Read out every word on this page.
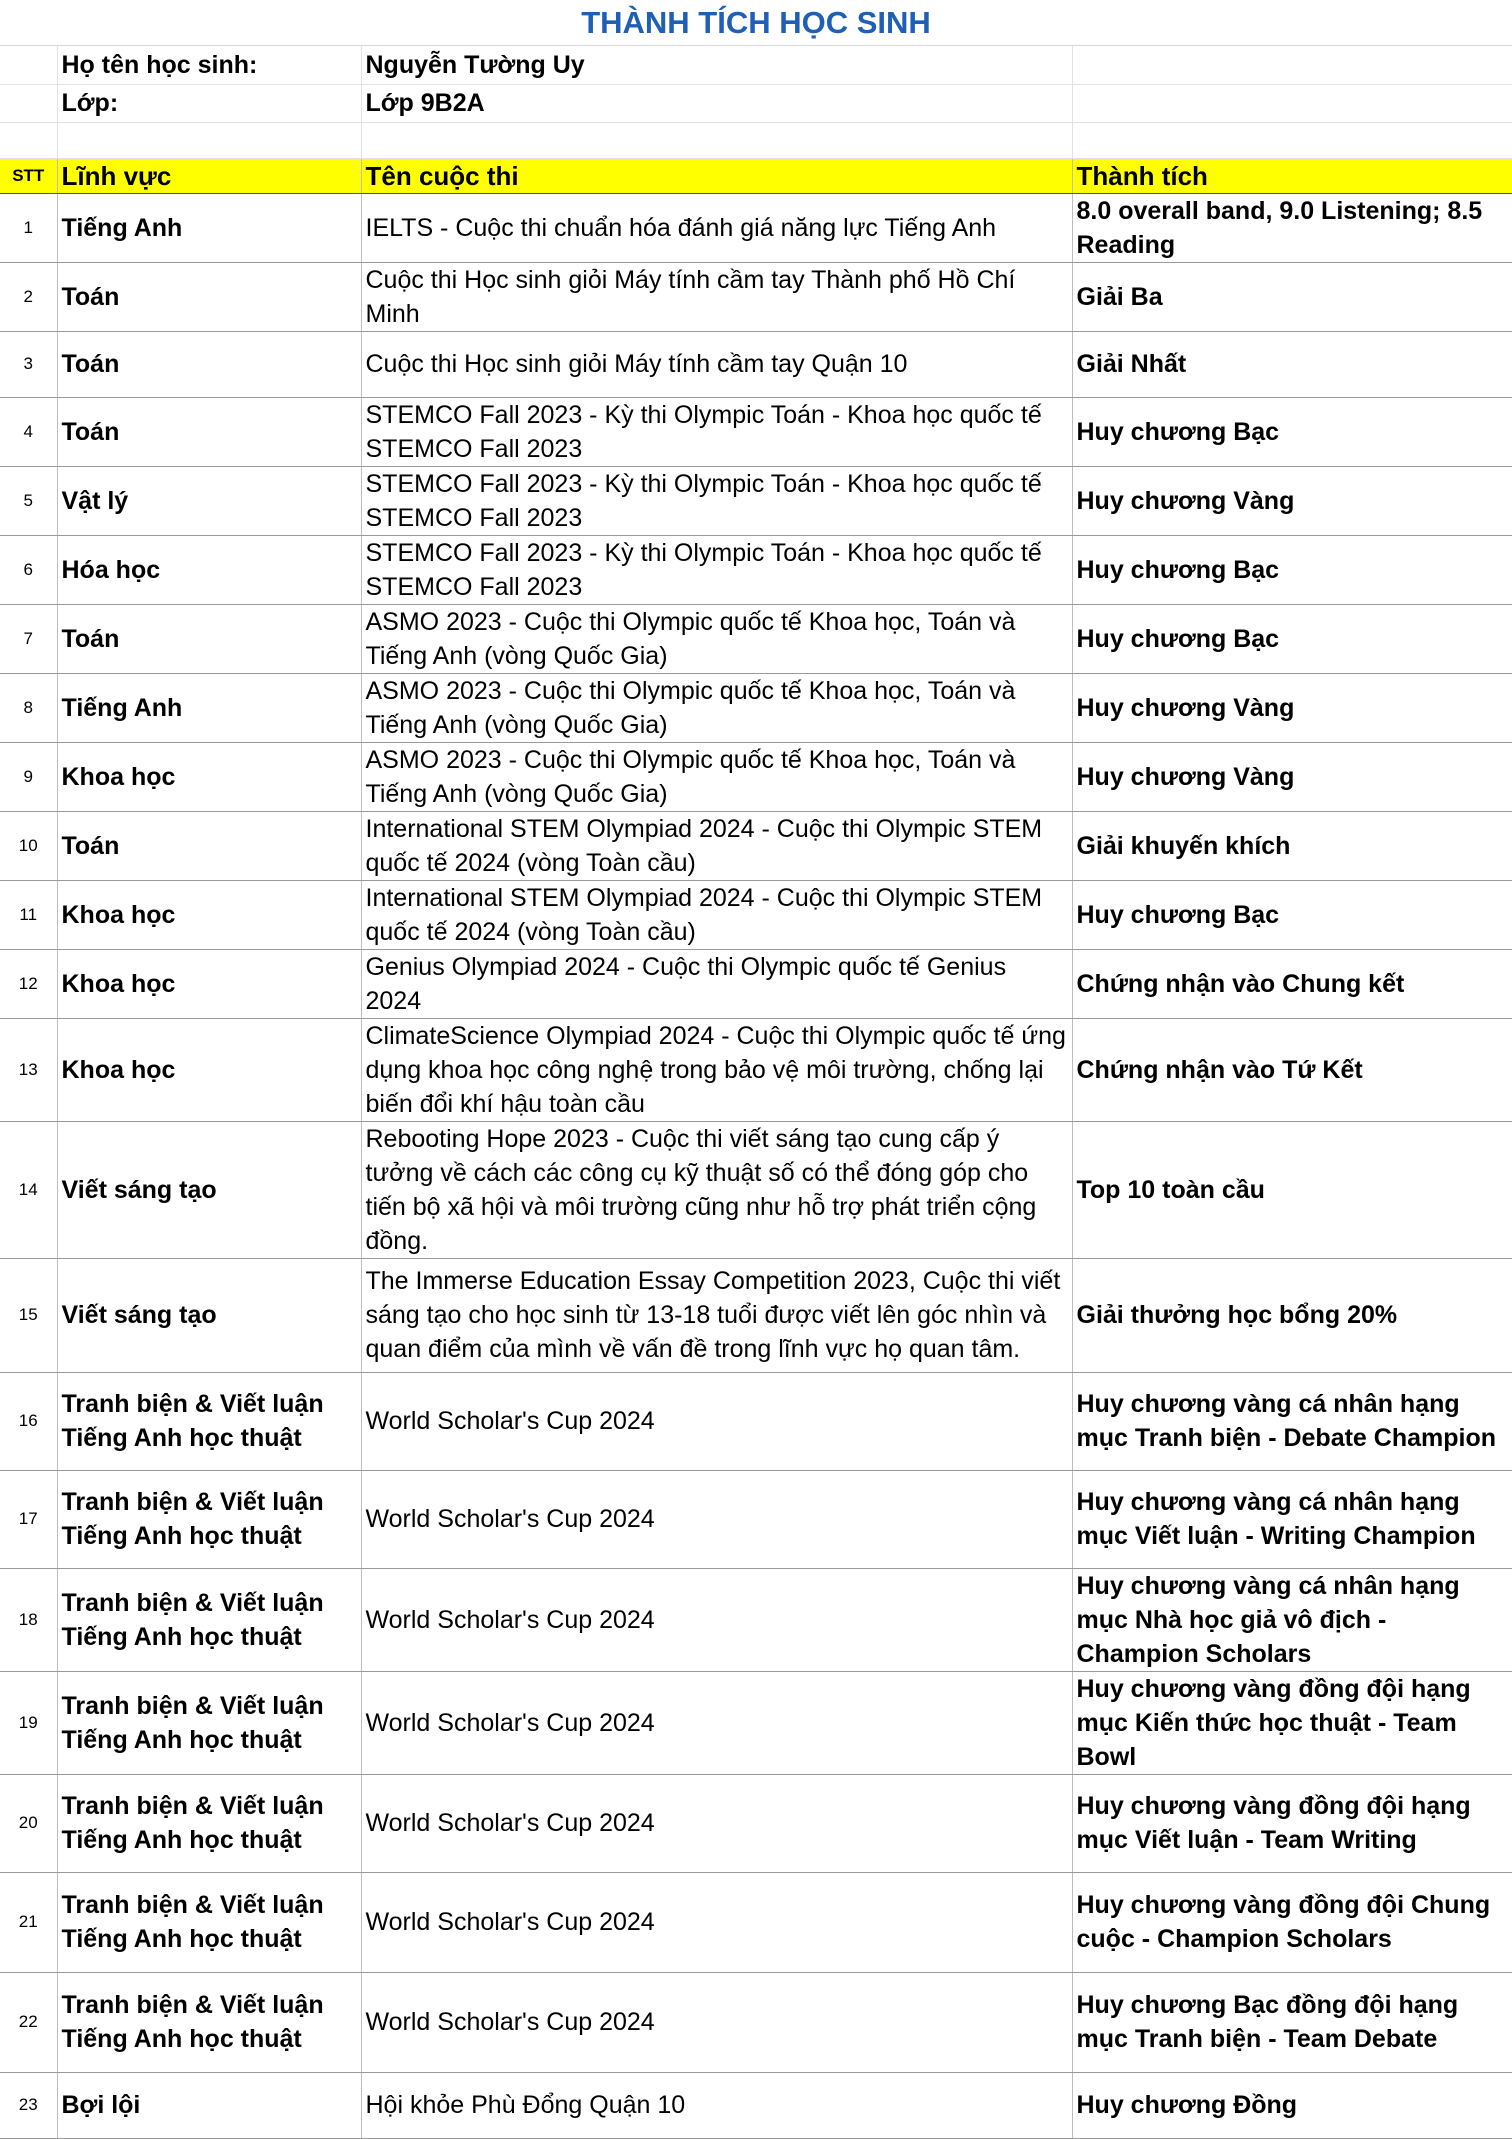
THÀNH TÍCH HỌC SINH
	Họ tên học sinh:	Nguyễn Tường Uy	
	Lớp:	Lớp 9B2A	

STT	Lĩnh vực	Tên cuộc thi	Thành tích
1	Tiếng Anh	IELTS - Cuộc thi chuẩn hóa đánh giá năng lực Tiếng Anh	8.0 overall band, 9.0 Listening; 8.5 Reading
2	Toán	Cuộc thi Học sinh giỏi Máy tính cầm tay Thành phố Hồ Chí Minh	Giải Ba
3	Toán	Cuộc thi Học sinh giỏi Máy tính cầm tay Quận 10	Giải Nhất
4	Toán	STEMCO Fall 2023 - Kỳ thi Olympic Toán - Khoa học quốc tế STEMCO Fall 2023	Huy chương Bạc
5	Vật lý	STEMCO Fall 2023 - Kỳ thi Olympic Toán - Khoa học quốc tế STEMCO Fall 2023	Huy chương Vàng
6	Hóa học	STEMCO Fall 2023 - Kỳ thi Olympic Toán - Khoa học quốc tế STEMCO Fall 2023	Huy chương Bạc
7	Toán	ASMO 2023 - Cuộc thi Olympic quốc tế Khoa học, Toán và Tiếng Anh (vòng Quốc Gia)	Huy chương Bạc
8	Tiếng Anh	ASMO 2023 - Cuộc thi Olympic quốc tế Khoa học, Toán và Tiếng Anh (vòng Quốc Gia)	Huy chương Vàng
9	Khoa học	ASMO 2023 - Cuộc thi Olympic quốc tế Khoa học, Toán và Tiếng Anh (vòng Quốc Gia)	Huy chương Vàng
10	Toán	International STEM Olympiad 2024 - Cuộc thi Olympic STEM quốc tế 2024 (vòng Toàn cầu)	Giải khuyến khích
11	Khoa học	International STEM Olympiad 2024 - Cuộc thi Olympic STEM quốc tế 2024 (vòng Toàn cầu)	Huy chương Bạc
12	Khoa học	Genius Olympiad 2024 - Cuộc thi Olympic quốc tế Genius 2024	Chứng nhận vào Chung kết
13	Khoa học	ClimateScience Olympiad 2024 - Cuộc thi Olympic quốc tế ứng dụng khoa học công nghệ trong bảo vệ môi trường, chống lại biến đổi khí hậu toàn cầu	Chứng nhận vào Tứ Kết
14	Viết sáng tạo	Rebooting Hope 2023 - Cuộc thi viết sáng tạo cung cấp ý tưởng về cách các công cụ kỹ thuật số có thể đóng góp cho tiến bộ xã hội và môi trường cũng như hỗ trợ phát triển cộng đồng.	Top 10 toàn cầu
15	Viết sáng tạo	The Immerse Education Essay Competition 2023, Cuộc thi viết sáng tạo cho học sinh từ 13-18 tuổi được viết lên góc nhìn và quan điểm của mình về vấn đề trong lĩnh vực họ quan tâm.	Giải thưởng học bổng 20%
16	Tranh biện & Viết luận Tiếng Anh học thuật	World Scholar's Cup 2024	Huy chương vàng cá nhân hạng mục Tranh biện - Debate Champion
17	Tranh biện & Viết luận Tiếng Anh học thuật	World Scholar's Cup 2024	Huy chương vàng cá nhân hạng mục Viết luận - Writing Champion
18	Tranh biện & Viết luận Tiếng Anh học thuật	World Scholar's Cup 2024	Huy chương vàng cá nhân hạng mục Nhà học giả vô địch - Champion Scholars
19	Tranh biện & Viết luận Tiếng Anh học thuật	World Scholar's Cup 2024	Huy chương vàng đồng đội hạng mục Kiến thức học thuật - Team Bowl
20	Tranh biện & Viết luận Tiếng Anh học thuật	World Scholar's Cup 2024	Huy chương vàng đồng đội hạng mục Viết luận - Team Writing
21	Tranh biện & Viết luận Tiếng Anh học thuật	World Scholar's Cup 2024	Huy chương vàng đồng đội Chung cuộc - Champion Scholars
22	Tranh biện & Viết luận Tiếng Anh học thuật	World Scholar's Cup 2024	Huy chương Bạc đồng đội hạng mục Tranh biện - Team Debate
23	Bợi lội	Hội khỏe Phù Đổng Quận 10	Huy chương Đồng
